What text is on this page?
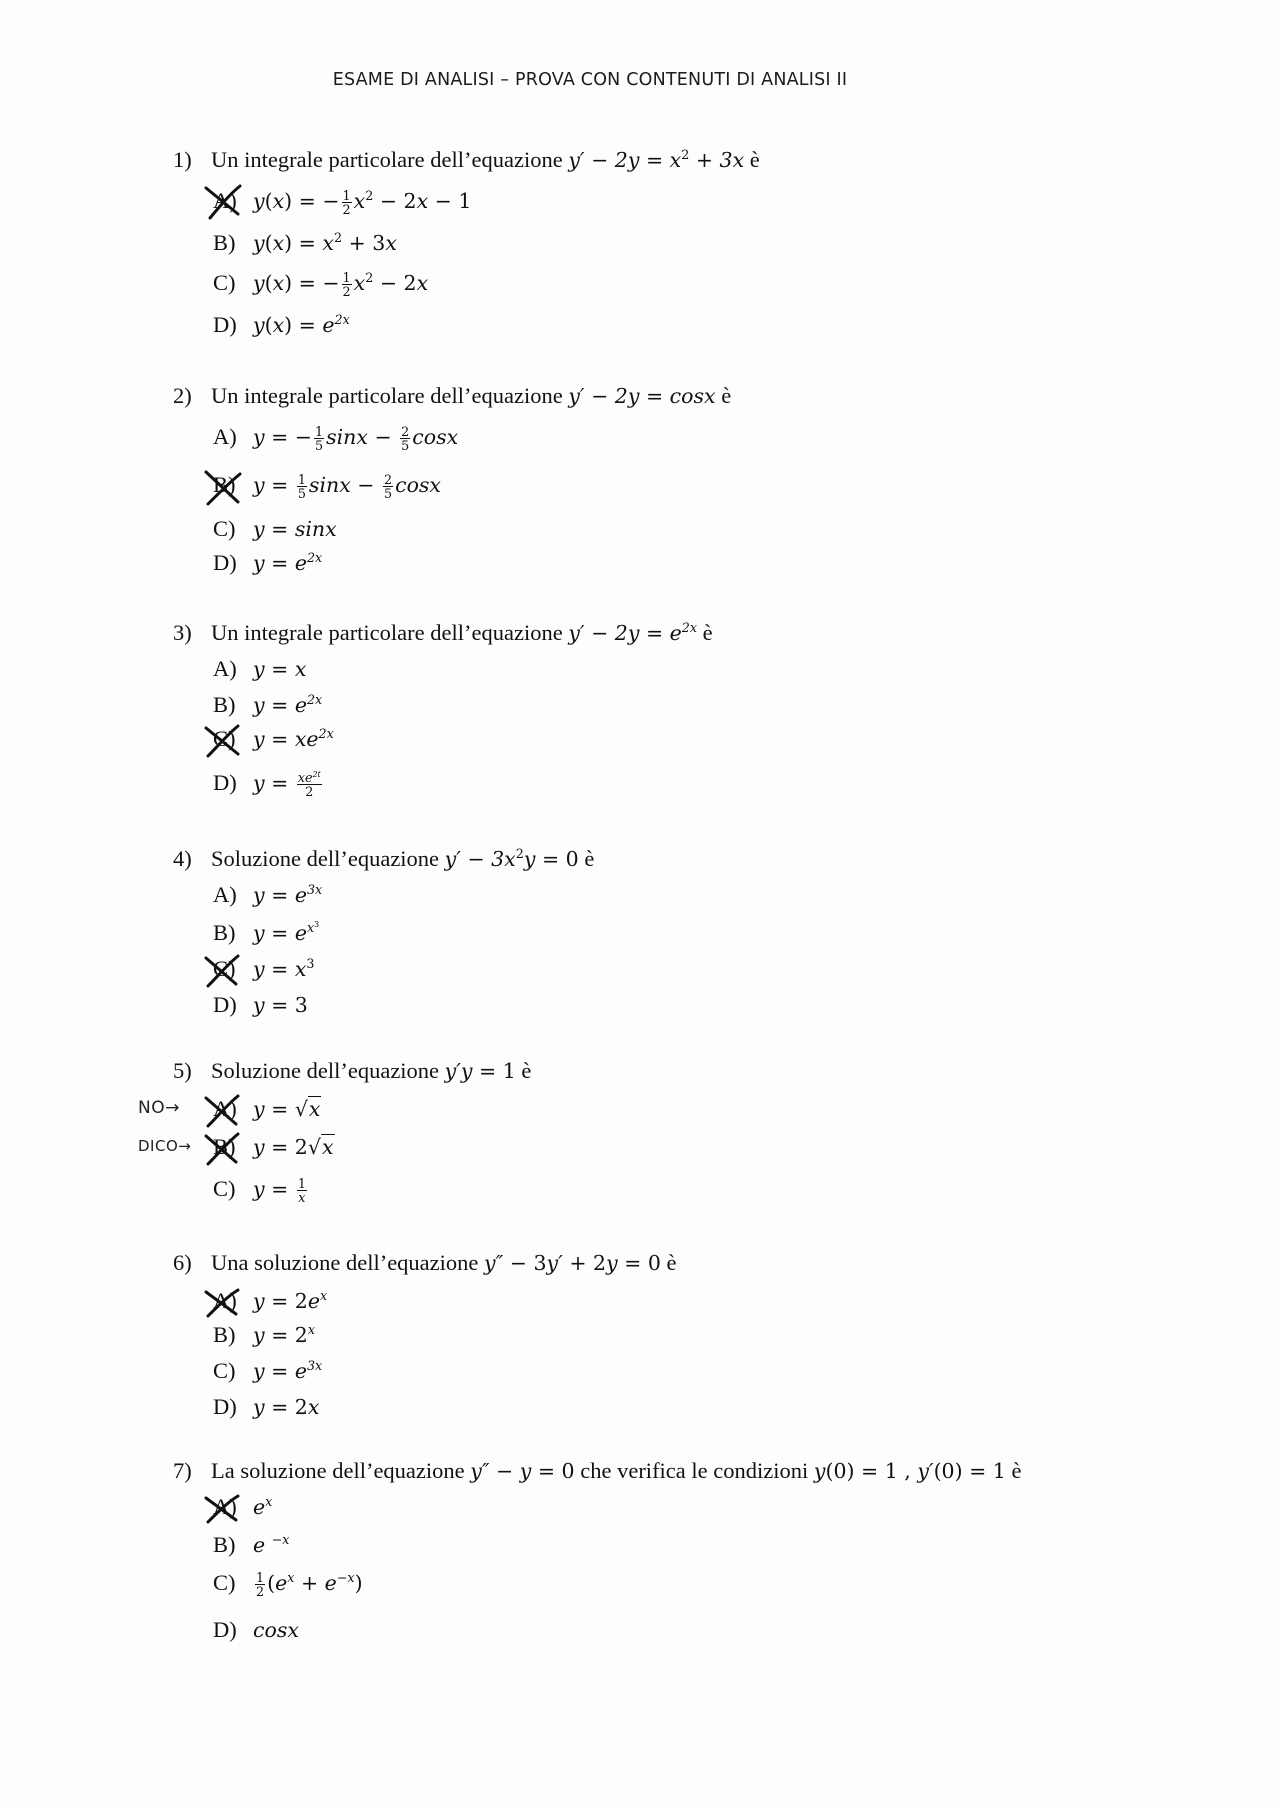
ESAME DI ANALISI – PROVA CON CONTENUTI DI ANALISI II
1) Un integrale particolare dell’equazione $y' - 2y = x^2 + 3x$ è
A) y(x) = − $\frac{1}{2} x^2 - 2x - 1$
B) $y(x) = x^2 + 3x$
C) y(x) = − $\frac{1}{2} x^2 - 2x$
D) $y(x) = e^{2x}$
2) Un integrale particolare dell’equazione y′ − 2y = cosx è
A) y = − $\frac{1}{5}$ $\sin x - \frac{2}{5}$ cosx
B) $y = \frac{1}{5}$ $\sin x - \frac{2}{5}$ cosx
C) y = sinx
D) $y = e^{2x}$
3) Un integrale particolare dell’equazione $y' - 2y = e^{2x}$ è
A) y = x
B) $y = e^{2x}$
C) $y = xe^{2x}$
D) $y = \frac{xe^{2t}}{2}$
4) Soluzione dell’equazione $y' - 3x^2y = 0$ è
A) $y = e^{3x}$
B) $y = e^{x^3}$
C) $y = x^3$
D) y = 3
5) Soluzione dell’equazione y′y = 1 è
A) y = √x
B) y = 2√x
C) $y = \frac{1}{x}$
NO→
DICO→
6) Una soluzione dell’equazione y″ − 3y′ + 2y = 0 è
A) $y = 2e^x$
B) $y = 2^x$
C) $y = e^{3x}$
D) y = 2x
7) La soluzione dell’equazione y″ − y = 0 che verifica le condizioni y(0) = 1 , y′(0) = 1 è
A) $e^x$
B) e $^{-x}$
$C) \frac{1}{2} (e^x + e^{-x})$
D) cosx
